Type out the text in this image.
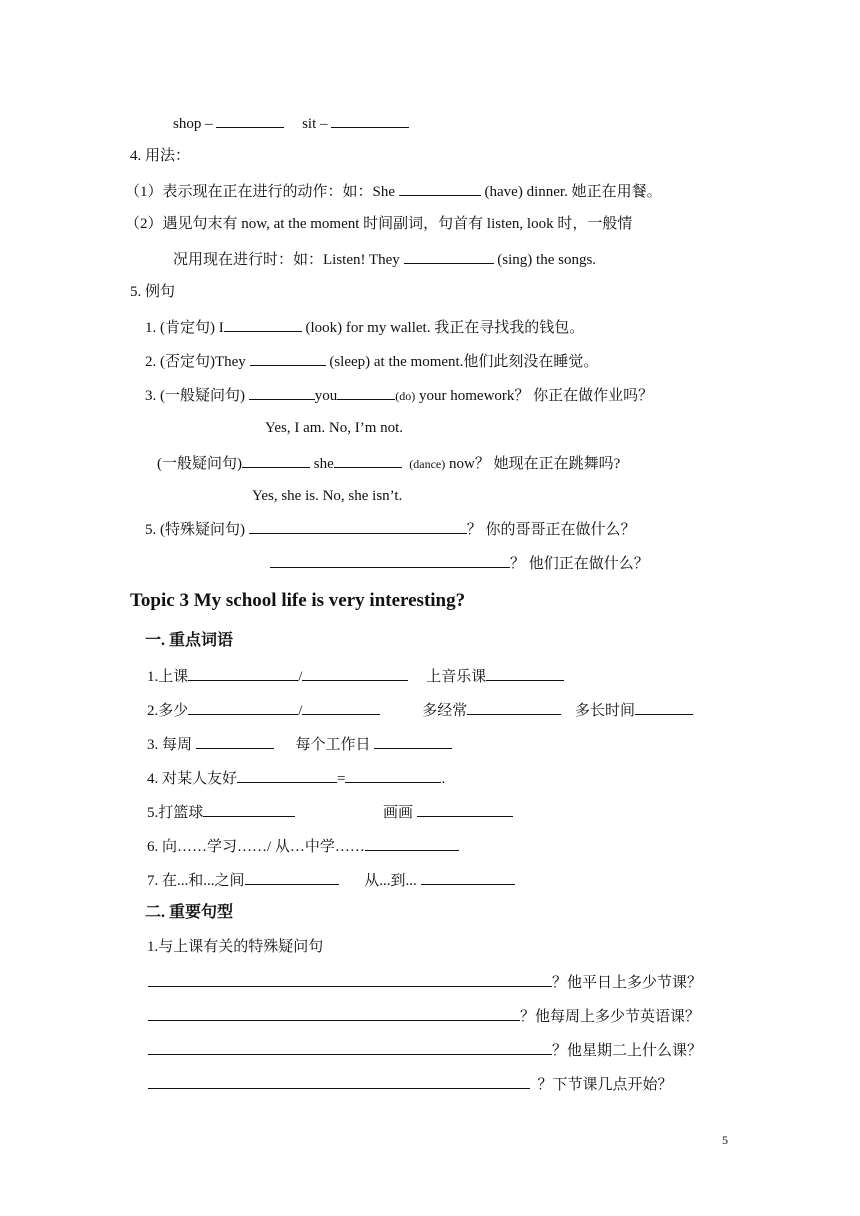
shop –	sit –
4. 用法：
（1）表示现在正在进行的动作：如：She	(have) dinner. 她正在用餐。
（2）遇见句末有 now, at the moment 时间副词，句首有 listen, look 时，一般情
况用现在进行时：如：Listen! They	(sing) the songs.
5. 例句
1. (肯定句) I	(look) for my wallet. 我正在寻找我的钱包。
2. (否定句)They	(sleep) at the moment.他们此刻没在睡觉。
3. (一般疑问句)	you	(do) your homework？ 你正在做作业吗？
Yes, I am. No, I’m not.
(一般疑问句)	she	(dance) now？ 她现在正在跳舞吗?
Yes, she is. No, she isn’t.
5. (特殊疑问句)	？ 你的哥哥正在做什么？
？ 他们正在做什么？
Topic 3 My school life is very interesting?
一. 重点词语
1.上课	/	上音乐课
2.多少	/	多经常	多长时间
3. 每周	每个工作日
4. 对某人友好	=	.
5.打篮球	画画
6. 向……学习……/ 从…中学……
7. 在...和...之间	从...到...
二. 重要句型
1.与上课有关的特殊疑问句
？他平日上多少节课？
？他每周上多少节英语课？
？他星期二上什么课？
？下节课几点开始？
5
